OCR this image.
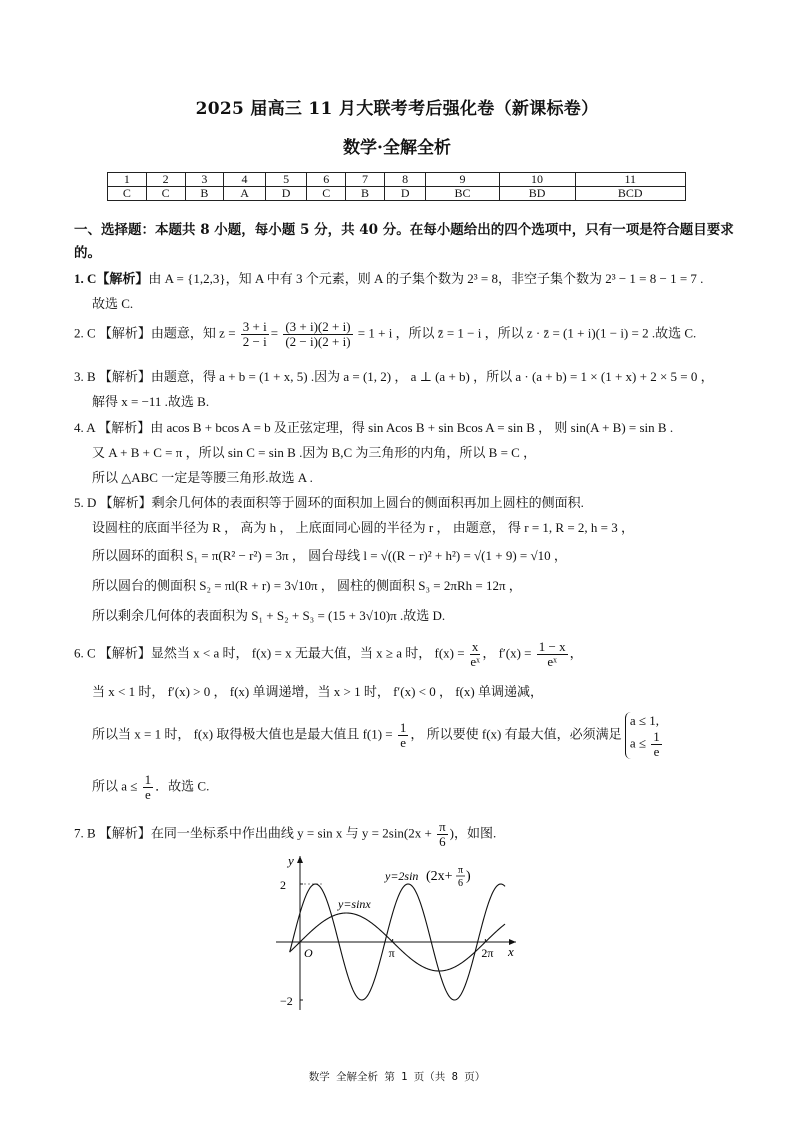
2025 届高三 11 月大联考考后强化卷（新课标卷）
数学·全解全析
1	2	3	4	5	6	7	8	9	10	11
C	C	B	A	D	C	B	D	BC	BD	BCD
一、选择题：本题共 8 小题，每小题 5 分，共 40 分。在每小题给出的四个选项中，只有一项是符合题目要求的。
1. C【解析】由 A = {1,2,3}，知 A 中有 3 个元素，则 A 的子集个数为 2³ = 8，非空子集个数为 2³ − 1 = 8 − 1 = 7 .
故选 C.
2. C 【解析】由题意，知 $z = \frac{3 + i}{2 - i} = \frac{(3 + i)(2 + i)}{(2 - i)(2 + i)} = 1 + i$ ，所以 z̄ = 1 − i ，所以 z · z̄ = (1 + i)(1 − i) = 2 .故选 C.
3. B 【解析】由题意，得 a + b = (1 + x, 5) .因为 a = (1, 2) ， a ⊥ (a + b) ，所以 a · (a + b) = 1 × (1 + x) + 2 × 5 = 0 ，
解得 x = −11 .故选 B.
4. A 【解析】由 acos B + bcos A = b 及正弦定理，得 sin Acos B + sin Bcos A = sin B ， 则 sin(A + B) = sin B .
又 A + B + C = π ，所以 sin C = sin B .因为 B,C 为三角形的内角，所以 B = C ，
所以 △ABC 一定是等腰三角形.故选 A .
5. D 【解析】剩余几何体的表面积等于圆环的面积加上圆台的侧面积再加上圆柱的侧面积.
设圆柱的底面半径为 R ， 高为 h ， 上底面同心圆的半径为 r ， 由题意， 得 r = 1, R = 2, h = 3 ，
所以圆环的面积 S₁ = π(R² − r²) = 3π ， 圆台母线 l = √((R − r)² + h²) = √(1 + 9) = √10 ，
所以圆台的侧面积 S₂ = πl(R + r) = 3√10π ， 圆柱的侧面积 S₃ = 2πRh = 12π ，
所以剩余几何体的表面积为 S₁ + S₂ + S₃ = (15 + 3√10)π .故选 D.
6. C 【解析】显然当 x < a 时， f(x) = x 无最大值，当 x ≥ a 时， $f(x) = \frac{x}{\text{eˣ}}$ ， $f'(x) = \frac{1 - x}{\text{eˣ}}$ ，
当 x < 1 时， f′(x) > 0 ， f(x) 单调递增，当 x > 1 时， f′(x) < 0 ， f(x) 单调递减，
所以当 x = 1 时， f(x) 取得极大值也是最大值且 $f(1) = \frac{1}{e}$ ， 所以要使 f(x) 有最大值，必须满足
a ≤ 1,
$a \le \frac{1}{e}$
所以 $a \le \frac{1}{e}$ ．故选 C.
7. B 【解析】在同一坐标系中作出曲线 y = sin x 与 $y = 2\sin(2x + \frac{\pi}{6}$ )，如图.
π	2π
O
2
−2
x
y
y=sinx
y=2sin (2x+ π
6 )
数学 全解全析 第 1 页（共 8 页）
